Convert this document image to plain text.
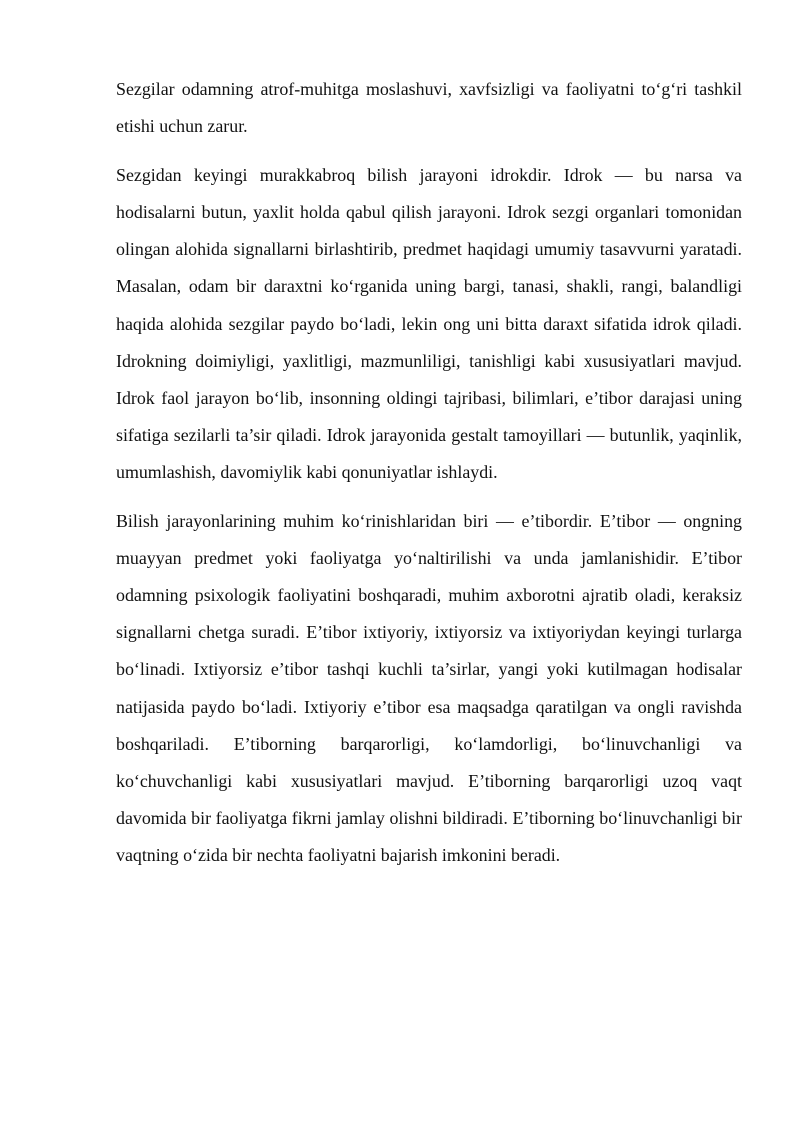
Sezgilar odamning atrof-muhitga moslashuvi, xavfsizligi va faoliyatni to‘g‘ri tashkil etishi uchun zarur.

Sezgidan keyingi murakkabroq bilish jarayoni idrokdir. Idrok — bu narsa va hodisalarni butun, yaxlit holda qabul qilish jarayoni. Idrok sezgi organlari tomonidan olingan alohida signallarni birlashtirib, predmet haqidagi umumiy tasavvurni yaratadi. Masalan, odam bir daraxtni ko‘rganida uning bargi, tanasi, shakli, rangi, balandligi haqida alohida sezgilar paydo bo‘ladi, lekin ong uni bitta daraxt sifatida idrok qiladi. Idrokning doimiyligi, yaxlitligi, mazmunliligi, tanishligi kabi xususiyatlari mavjud. Idrok faol jarayon bo‘lib, insonning oldingi tajribasi, bilimlari, e’tibor darajasi uning sifatiga sezilarli ta’sir qiladi. Idrok jarayonida gestalt tamoyillari — butunlik, yaqinlik, umumlashish, davomiylik kabi qonuniyatlar ishlaydi.

Bilish jarayonlarining muhim ko‘rinishlaridan biri — e’tibordir. E’tibor — ongning muayyan predmet yoki faoliyatga yo‘naltirilishi va unda jamlanishidir. E’tibor odamning psixologik faoliyatini boshqaradi, muhim axborotni ajratib oladi, keraksiz signallarni chetga suradi. E’tibor ixtiyoriy, ixtiyorsiz va ixtiyoriydan keyingi turlarga bo‘linadi. Ixtiyorsiz e’tibor tashqi kuchli ta’sirlar, yangi yoki kutilmagan hodisalar natijasida paydo bo‘ladi. Ixtiyoriy e’tibor esa maqsadga qaratilgan va ongli ravishda boshqariladi. E’tiborning barqarorligi, ko‘lamdorligi, bo‘linuvchanligi va ko‘chuvchanligi kabi xususiyatlari mavjud. E’tiborning barqarorligi uzoq vaqt davomida bir faoliyatga fikrni jamlay olishni bildiradi. E’tiborning bo‘linuvchanligi bir vaqtning o‘zida bir nechta faoliyatni bajarish imkonini beradi.
